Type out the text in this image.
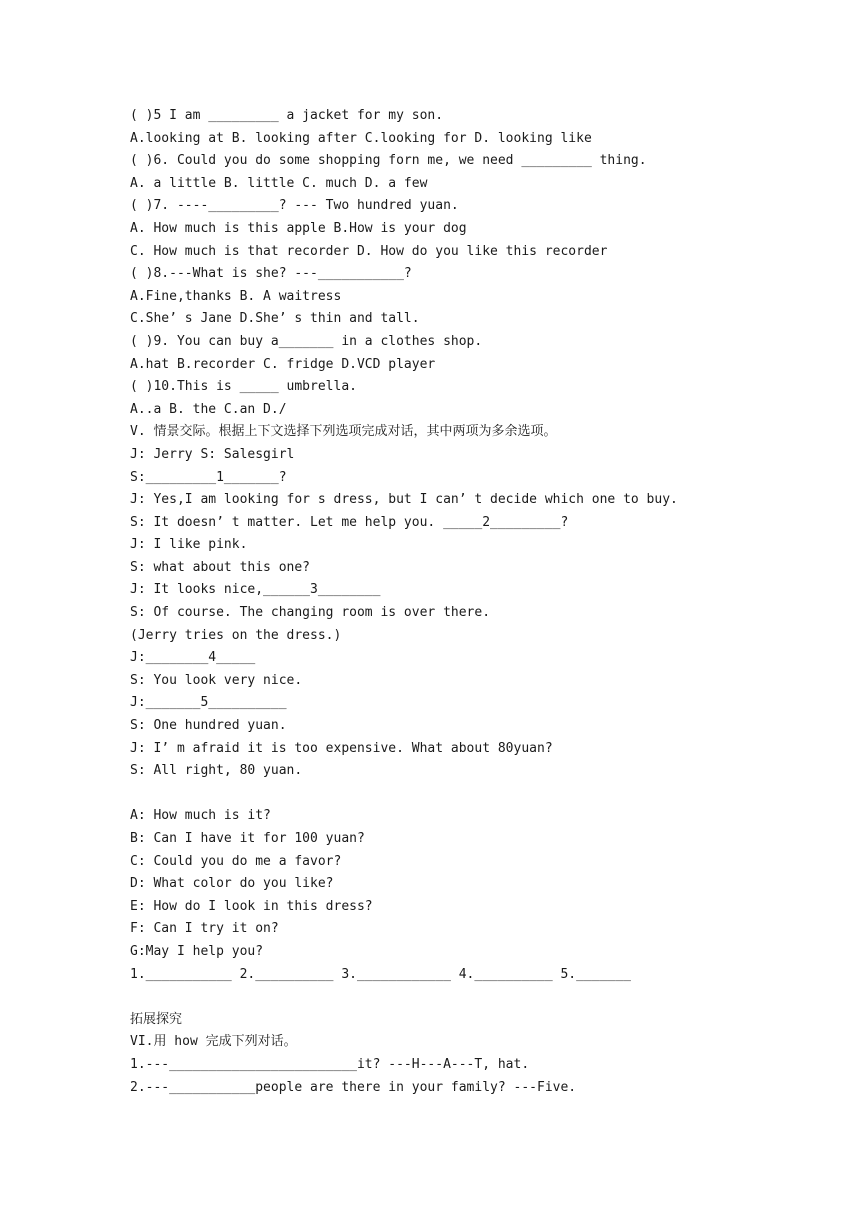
( )5 I am _________ a jacket for my son.
A.looking at B. looking after C.looking for D. looking like
( )6. Could you do some shopping forn me, we need _________ thing.
A. a little B. little C. much D. a few
( )7. ----_________? --- Two hundred yuan.
A. How much is this apple B.How is your dog
C. How much is that recorder D. How do you like this recorder
( )8.---What is she? ---___________?
A.Fine,thanks B. A waitress
C.She’ s Jane D.She’ s thin and tall.
( )9. You can buy a_______ in a clothes shop.
A.hat B.recorder C. fridge D.VCD player
( )10.This is _____ umbrella.
A..a B. the C.an D./
V. 情景交际。根据上下文选择下列选项完成对话，其中两项为多余选项。
J: Jerry S: Salesgirl
S:_________1_______?
J: Yes,I am looking for s dress, but I can’ t decide which one to buy.
S: It doesn’ t matter. Let me help you. _____2_________?
J: I like pink.
S: what about this one?
J: It looks nice,______3________
S: Of course. The changing room is over there.
(Jerry tries on the dress.)
J:________4_____
S: You look very nice.
J:_______5__________
S: One hundred yuan.
J: I’ m afraid it is too expensive. What about 80yuan?
S: All right, 80 yuan.
A: How much is it?
B: Can I have it for 100 yuan?
C: Could you do me a favor?
D: What color do you like?
E: How do I look in this dress?
F: Can I try it on?
G:May I help you?
1.___________ 2.__________ 3.____________ 4.__________ 5._______
拓展探究
VI.用 how 完成下列对话。
1.---________________________it? ---H---A---T, hat.
2.---___________people are there in your family? ---Five.
